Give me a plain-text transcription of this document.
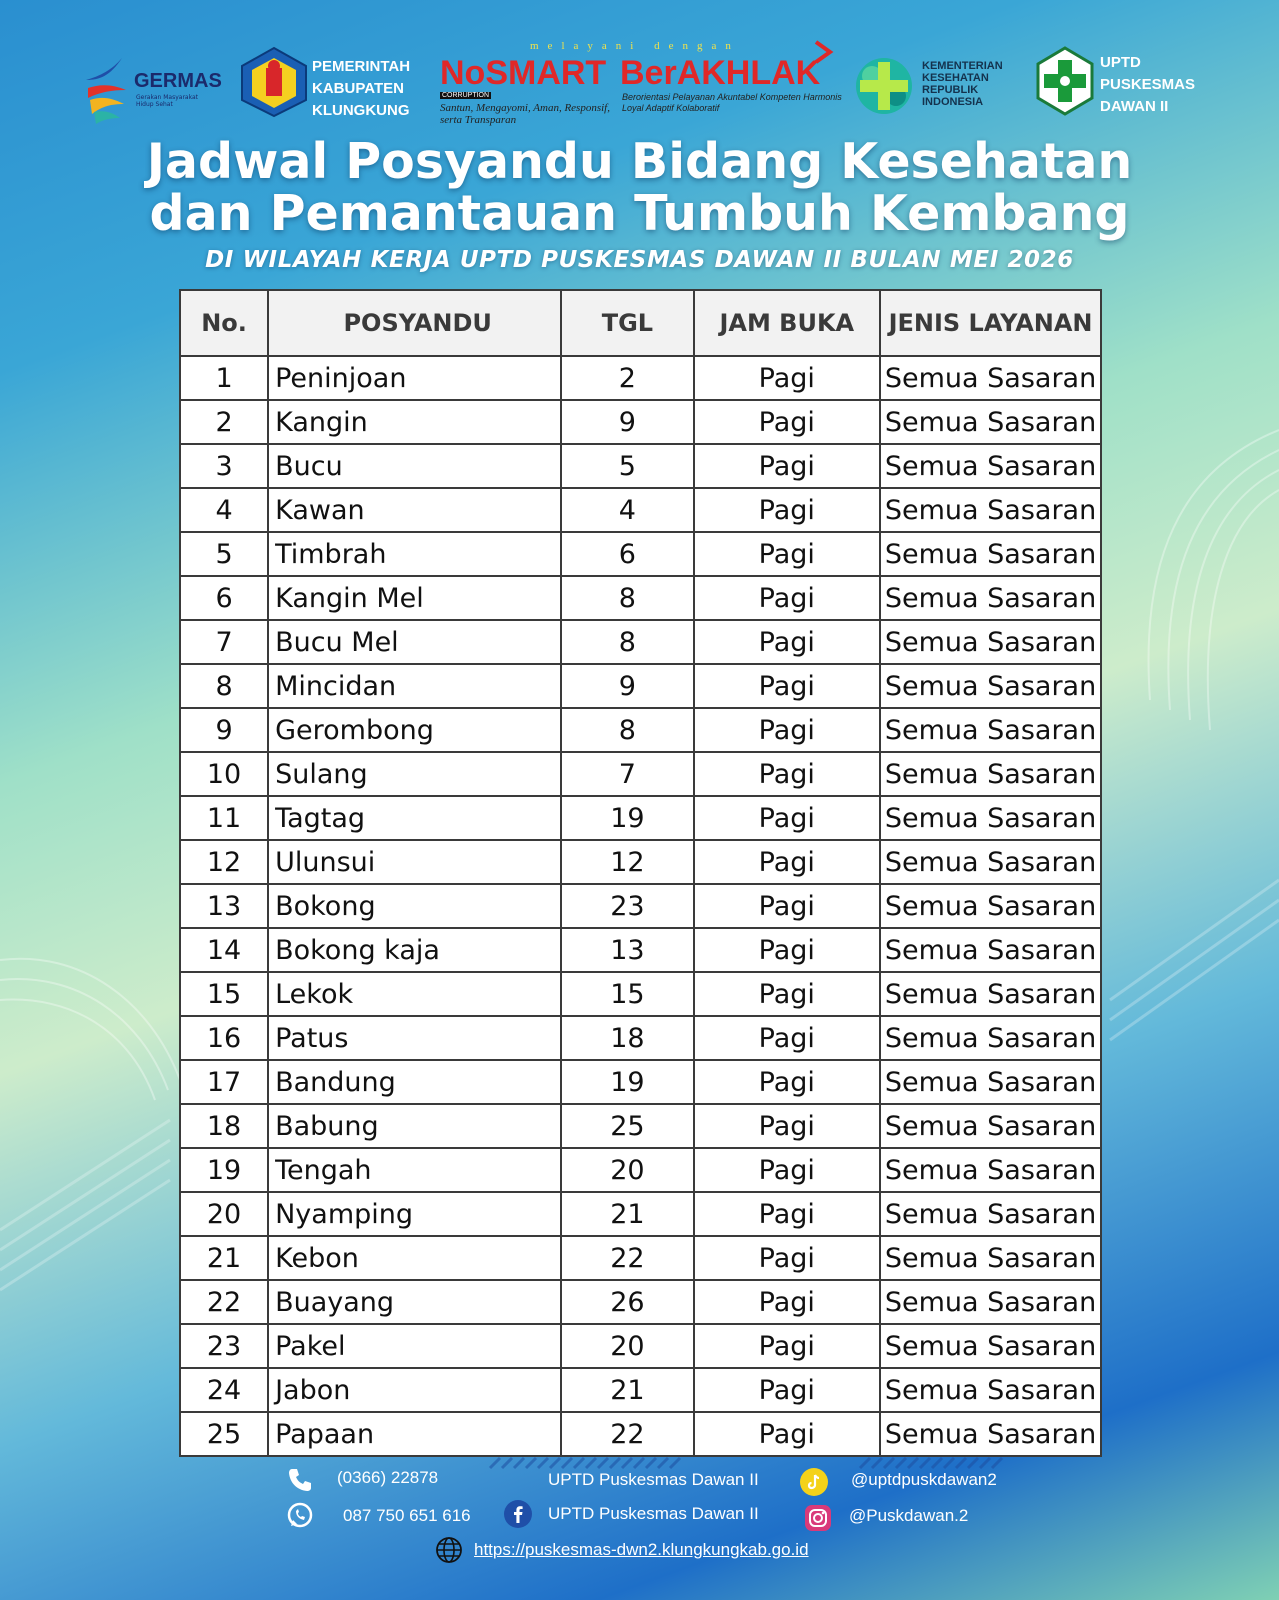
GERMAS
Gerakan Masyarakat Hidup Sehat
PEMERINTAH
KABUPATEN
KLUNGKUNG
melayani dengan
NoSMART BerAKHLAK
CORRUPTION
Santun, Mengayomi, Aman, Responsif, serta Transparan
Berorientasi Pelayanan Akuntabel Kompeten Harmonis Loyal Adaptif Kolaboratif
KEMENTERIAN
KESEHATAN
REPUBLIK
INDONESIA
UPTD
PUSKESMAS
DAWAN II
Jadwal Posyandu Bidang Kesehatan
dan Pemantauan Tumbuh Kembang
DI WILAYAH KERJA UPTD PUSKESMAS DAWAN II BULAN MEI 2026
No.	POSYANDU	TGL	JAM BUKA	JENIS LAYANAN
1	Peninjoan	2	Pagi	Semua Sasaran
2	Kangin	9	Pagi	Semua Sasaran
3	Bucu	5	Pagi	Semua Sasaran
4	Kawan	4	Pagi	Semua Sasaran
5	Timbrah	6	Pagi	Semua Sasaran
6	Kangin Mel	8	Pagi	Semua Sasaran
7	Bucu Mel	8	Pagi	Semua Sasaran
8	Mincidan	9	Pagi	Semua Sasaran
9	Gerombong	8	Pagi	Semua Sasaran
10	Sulang	7	Pagi	Semua Sasaran
11	Tagtag	19	Pagi	Semua Sasaran
12	Ulunsui	12	Pagi	Semua Sasaran
13	Bokong	23	Pagi	Semua Sasaran
14	Bokong kaja	13	Pagi	Semua Sasaran
15	Lekok	15	Pagi	Semua Sasaran
16	Patus	18	Pagi	Semua Sasaran
17	Bandung	19	Pagi	Semua Sasaran
18	Babung	25	Pagi	Semua Sasaran
19	Tengah	20	Pagi	Semua Sasaran
20	Nyamping	21	Pagi	Semua Sasaran
21	Kebon	22	Pagi	Semua Sasaran
22	Buayang	26	Pagi	Semua Sasaran
23	Pakel	20	Pagi	Semua Sasaran
24	Jabon	21	Pagi	Semua Sasaran
25	Papaan	22	Pagi	Semua Sasaran
(0366) 22878	UPTD Puskesmas Dawan II	@uptdpuskdawan2
087 750 651 616	UPTD Puskesmas Dawan II	@Puskdawan.2
https://puskesmas-dwn2.klungkungkab.go.id
